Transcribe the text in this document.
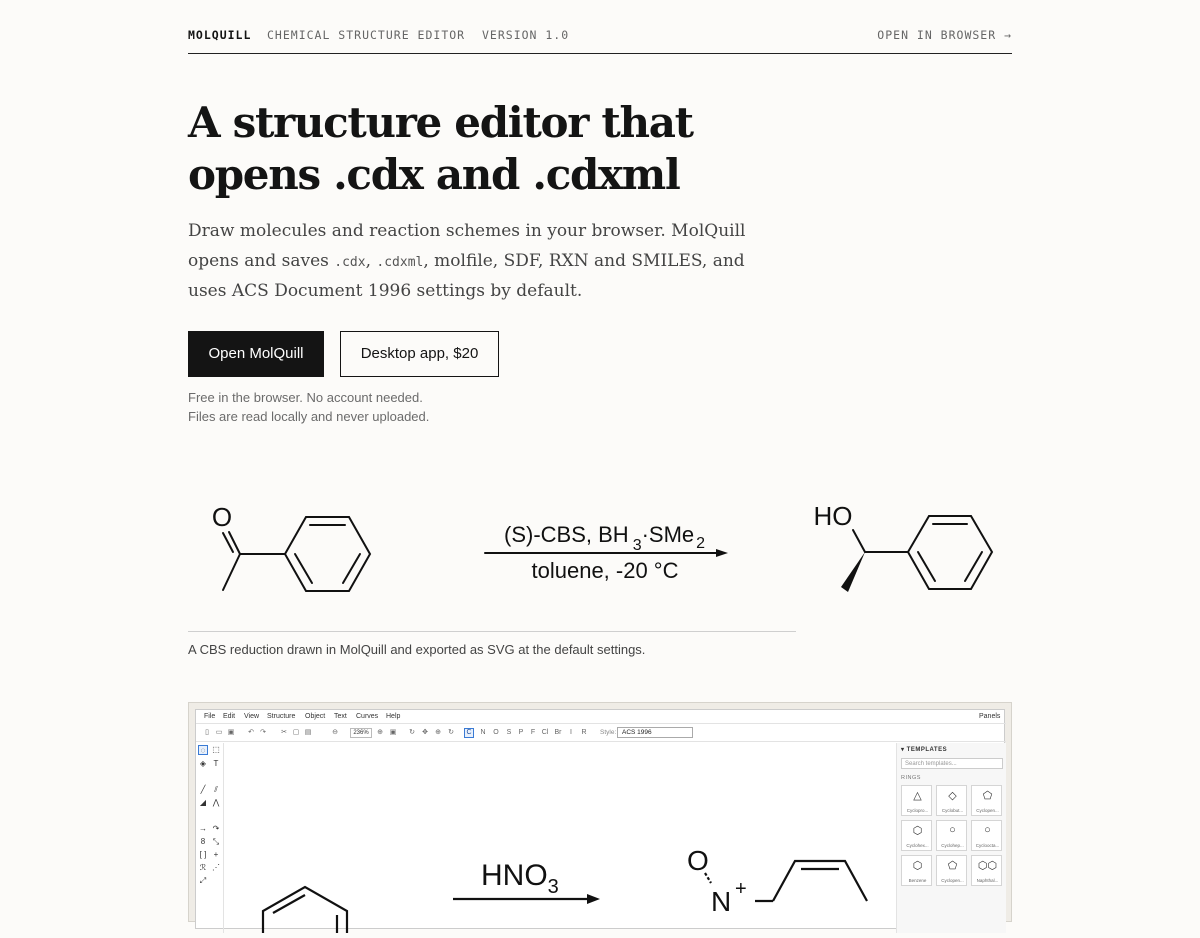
MOLQUILL CHEMICAL STRUCTURE EDITOR VERSION 1.0	OPEN IN BROWSER →
A structure editor that
opens .cdx and .cdxml

Draw molecules and reaction schemes in your browser. MolQuill opens and saves .cdx, .cdxml, molfile, SDF, RXN and SMILES, and uses ACS Document 1996 settings by default.

Open MolQuill	Desktop app, $20
Free in the browser. No account needed.
Files are read locally and never uploaded.
O	HO
(S)-CBS, BH $_3$·SMe $_2$
toluene, -20 °C
A CBS reduction drawn in MolQuill and exported as SVG at the default settings.
File Edit View Structure Object Text Curves Help	Panels
▯ ▭ ▣ ↶ ↷ ✂ ▢ ▤	⊖	236%	⊕ ▣ ↻ ✥ ⊕ ↻	C	N O S P F Cl Br	I	R Style: ACS 1996
◌ ⬚
◈ T
╱	⫽
◢ ⋀
→ ↷
8 ⤡
[ ] +
ℛ ⋰
⤢	$HNO_3$
O
N +
▾ TEMPLATES
Search templates...
RINGS
△
Cyclopro...
◇
Cyclobut...
⬠
Cyclopen...
⬡
Cyclohex...
○
Cyclohep...
○
Cycloocta...
⬡
Benzene
⬠
Cyclopen...
⬡⬡
Naphthal...
